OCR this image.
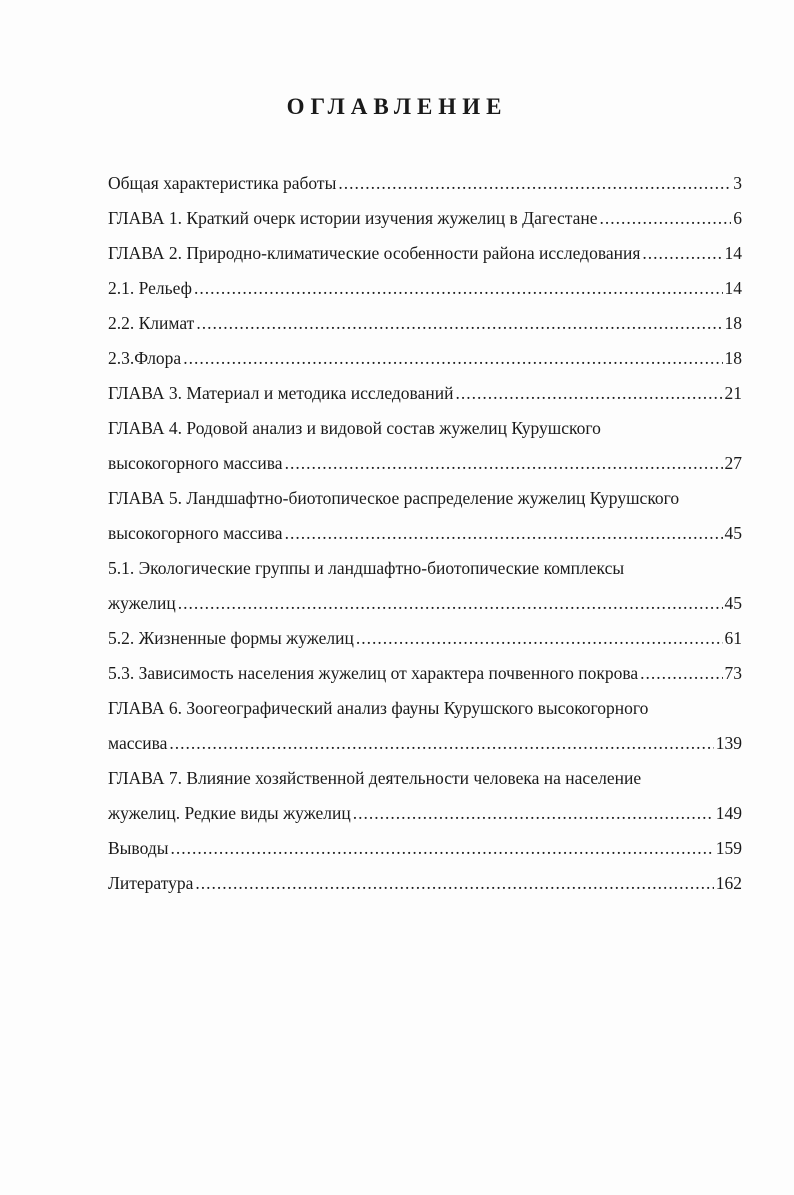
ОГЛАВЛЕНИЕ
Общая характеристика работы .....	3
ГЛАВА 1. Краткий очерк истории изучения жужелиц в Дагестане .....	6
ГЛАВА 2. Природно-климатические особенности района исследования .....	14
2.1. Рельеф .....	14
2.2. Климат .....	18
2.3.Флора .....	18
ГЛАВА 3. Материал и методика исследований .....	21
ГЛАВА 4. Родовой анализ и видовой состав жужелиц Курушского
высокогорного массива .....	27
ГЛАВА 5. Ландшафтно-биотопическое распределение жужелиц Курушского
высокогорного массива .....	45
5.1. Экологические группы и ландшафтно-биотопические комплексы
жужелиц .....	45
5.2. Жизненные формы жужелиц .....	61
5.3. Зависимость населения жужелиц от характера почвенного покрова .....	73
ГЛАВА 6. Зоогеографический анализ фауны Курушского высокогорного
массива .....	139
ГЛАВА 7. Влияние хозяйственной деятельности человека на население
жужелиц. Редкие виды жужелиц .....	149
Выводы .....	159
Литература .....	162
